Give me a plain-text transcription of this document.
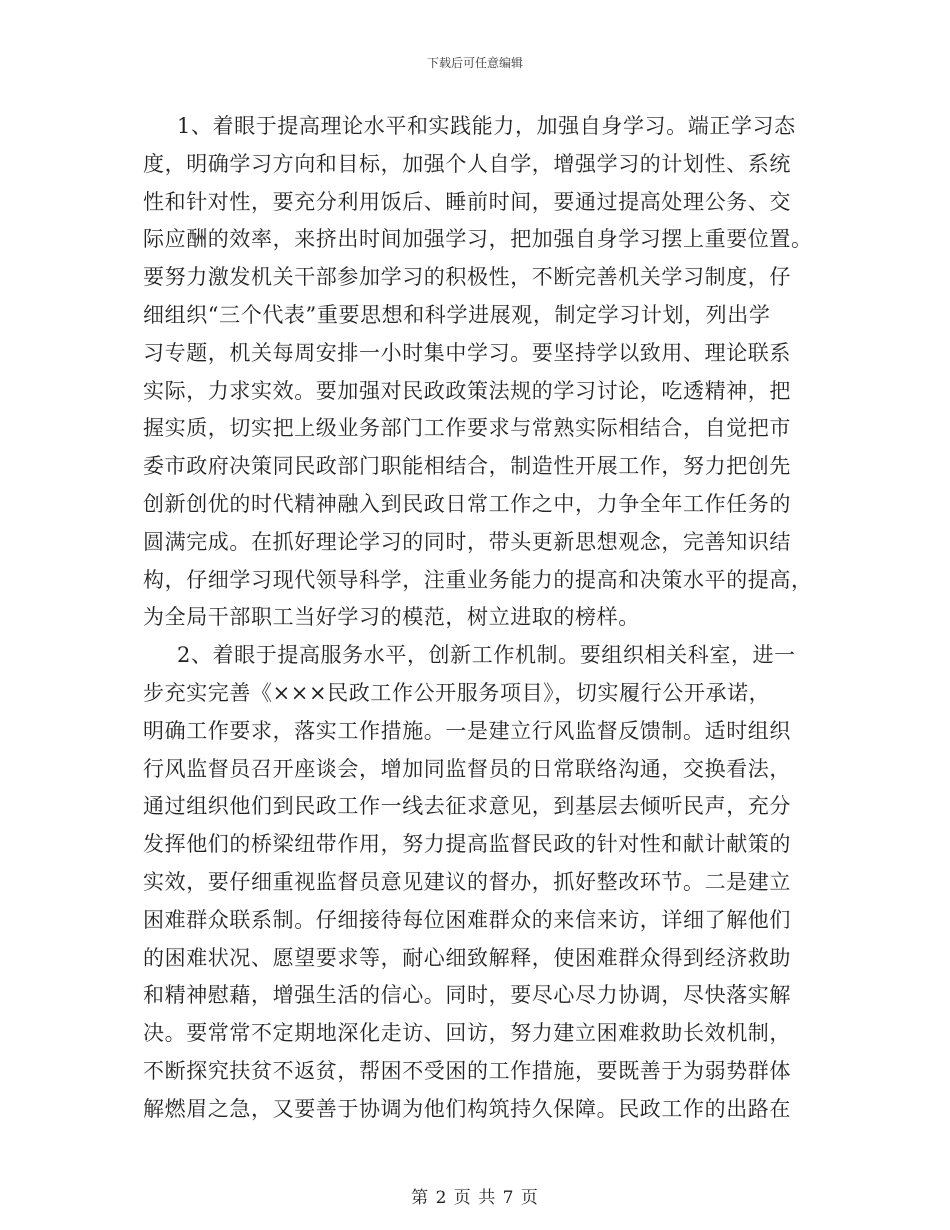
下载后可任意编辑
1、着眼于提高理论水平和实践能力，加强自身学习。端正学习态
度，明确学习方向和目标，加强个人自学，增强学习的计划性、系统
性和针对性，要充分利用饭后、睡前时间，要通过提高处理公务、交
际应酬的效率，来挤出时间加强学习，把加强自身学习摆上重要位置。
要努力激发机关干部参加学习的积极性，不断完善机关学习制度，仔
细组织“三个代表”重要思想和科学进展观，制定学习计划，列出学
习专题，机关每周安排一小时集中学习。要坚持学以致用、理论联系
实际，力求实效。要加强对民政政策法规的学习讨论，吃透精神，把
握实质，切实把上级业务部门工作要求与常熟实际相结合，自觉把市
委市政府决策同民政部门职能相结合，制造性开展工作，努力把创先
创新创优的时代精神融入到民政日常工作之中，力争全年工作任务的
圆满完成。在抓好理论学习的同时，带头更新思想观念，完善知识结
构，仔细学习现代领导科学，注重业务能力的提高和决策水平的提高，
为全局干部职工当好学习的模范，树立进取的榜样。
2、着眼于提高服务水平，创新工作机制。要组织相关科室，进一
步充实完善《×××民政工作公开服务项目》，切实履行公开承诺，
明确工作要求，落实工作措施。一是建立行风监督反馈制。适时组织
行风监督员召开座谈会，增加同监督员的日常联络沟通，交换看法，
通过组织他们到民政工作一线去征求意见，到基层去倾听民声，充分
发挥他们的桥梁纽带作用，努力提高监督民政的针对性和献计献策的
实效，要仔细重视监督员意见建议的督办，抓好整改环节。二是建立
困难群众联系制。仔细接待每位困难群众的来信来访，详细了解他们
的困难状况、愿望要求等，耐心细致解释，使困难群众得到经济救助
和精神慰藉，增强生活的信心。同时，要尽心尽力协调，尽快落实解
决。要常常不定期地深化走访、回访，努力建立困难救助长效机制，
不断探究扶贫不返贫，帮困不受困的工作措施，要既善于为弱势群体
解燃眉之急，又要善于协调为他们构筑持久保障。民政工作的出路在
第 2 页 共 7 页
